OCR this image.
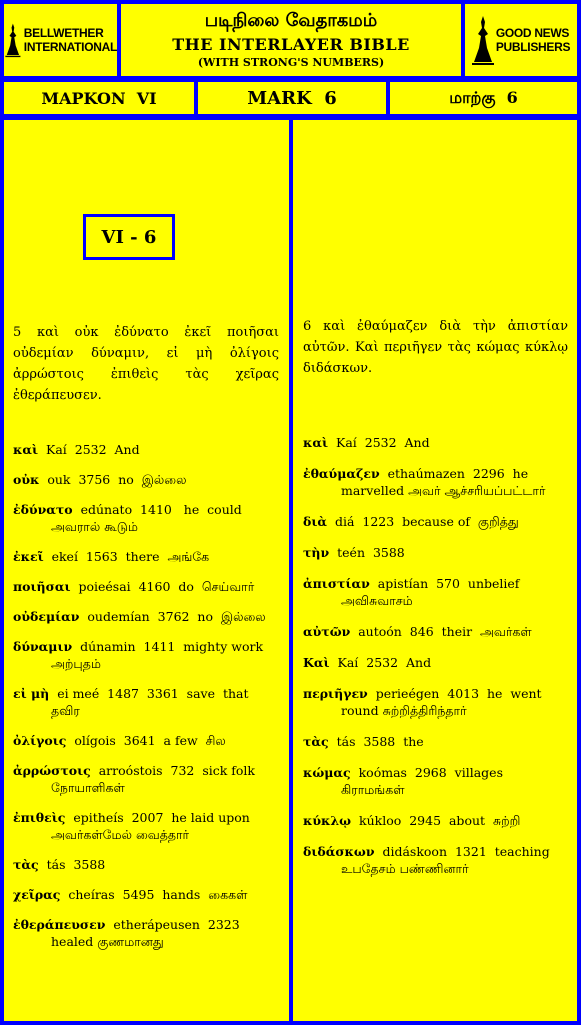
BELLWETHER
INTERNATIONAL
படிநிலை வேதாகமம்
THE INTERLAYER BIBLE
(WITH STRONG'S NUMBERS)
GOOD NEWS
PUBLISHERS
MAPKON  VI	MARK  6	மாற்கு  6
VI - 6
5 καὶ οὐκ ἐδύνατο ἐκεῖ ποιῆσαι οὐδεμίαν δύναμιν, εἰ μὴ ὀλίγοις ἀρρώστοις ἐπιθεὶς τὰς χεῖρας ἐθεράπευσεν.
καὶ Kaí  2532  And
οὐκ ouk  3756  no  இல்லை
ἐδύνατο edúnato  1410   he  could
அவரால் கூடும்
ἐκεῖ ekeí  1563  there  அங்கே
ποιῆσαι poieésai  4160  do  செய்வார்
οὐδεμίαν oudemían  3762  no  இல்லை
δύναμιν dúnamin  1411  mighty work
அற்புதம்
εἰ μὴ ei meé  1487  3361  save  that
தவிர
ὀλίγοις olígois  3641  a few  சில
ἀρρώστοις arroóstois  732  sick folk
நோயாளிகள்
ἐπιθεὶς epitheís  2007  he laid upon
அவர்கள்மேல் வைத்தார்
τὰς tás  3588
χεῖρας cheíras  5495  hands  கைகள்
ἐθεράπευσεν etherápeusen  2323
healed குணமானது
6 καὶ ἐθαύμαζεν διὰ τὴν ἀπιστίαν αὐτῶν. Καὶ περιῆγεν τὰς κώμας κύκλῳ διδάσκων.
καὶ Kaí  2532  And
ἐθαύμαζεν ethaúmazen  2296  he
marvelled அவர் ஆச்சரியப்பட்டார்
διὰ diá  1223  because of  குறித்து
τὴν teén  3588
ἀπιστίαν apistían  570  unbelief
அவிசுவாசம்
αὐτῶν autoón  846  their  அவர்கள்
Καὶ Kaí  2532  And
περιῆγεν perieégen  4013  he  went
round சுற்றித்திரிந்தார்
τὰς tás  3588  the
κώμας koómas  2968  villages
கிராமங்கள்
κύκλῳ kúkloo  2945  about  சுற்றி
διδάσκων didáskoon  1321  teaching
உபதேசம் பண்ணினார்
